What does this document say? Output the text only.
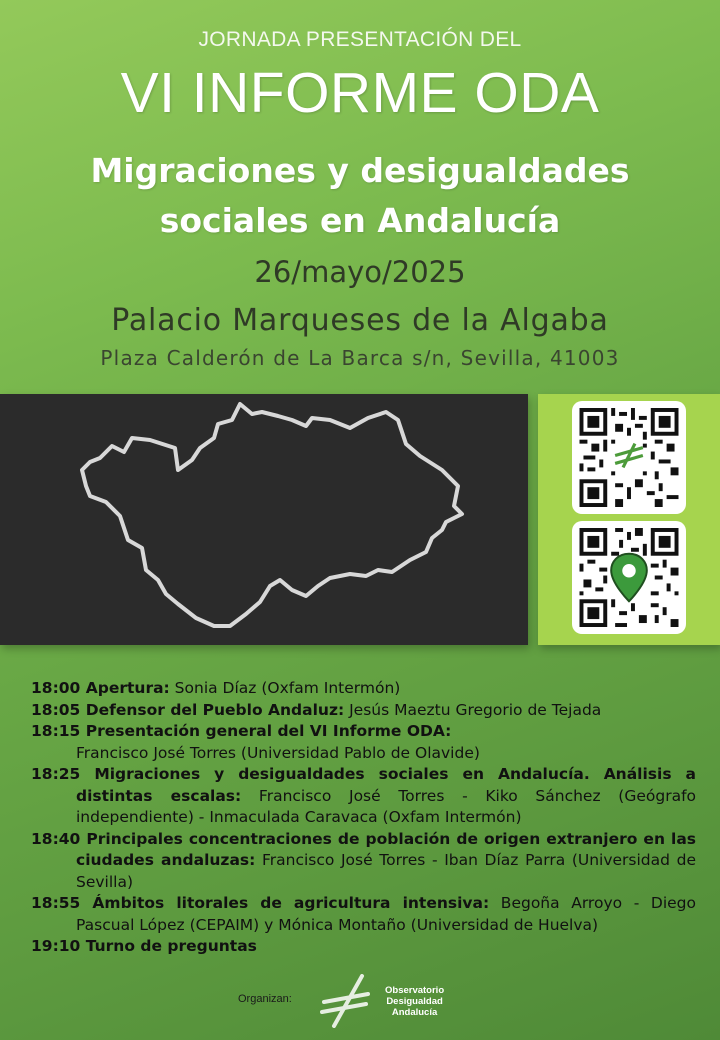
JORNADA PRESENTACIÓN DEL
VI INFORME ODA
Migraciones y desigualdades
sociales en Andalucía
26/mayo/2025
Palacio Marqueses de la Algaba
Plaza Calderón de La Barca s/n, Sevilla, 41003
18:00 Apertura: Sonia Díaz (Oxfam Intermón)
18:05 Defensor del Pueblo Andaluz: Jesús Maeztu Gregorio de Tejada
18:15 Presentación general del VI Informe ODA:
Francisco José Torres (Universidad Pablo de Olavide)
18:25 Migraciones y desigualdades sociales en Andalucía. Análisis a distintas escalas: Francisco José Torres - Kiko Sánchez (Geógrafo independiente) - Inmaculada Caravaca (Oxfam Intermón)
18:40 Principales concentraciones de población de origen extranjero en las ciudades andaluzas: Francisco José Torres - Iban Díaz Parra (Universidad de Sevilla)
18:55 Ámbitos litorales de agricultura intensiva: Begoña Arroyo - Diego Pascual López (CEPAIM) y Mónica Montaño (Universidad de Huelva)
19:10 Turno de preguntas
Organizan:
Observatorio
Desigualdad
Andalucía
